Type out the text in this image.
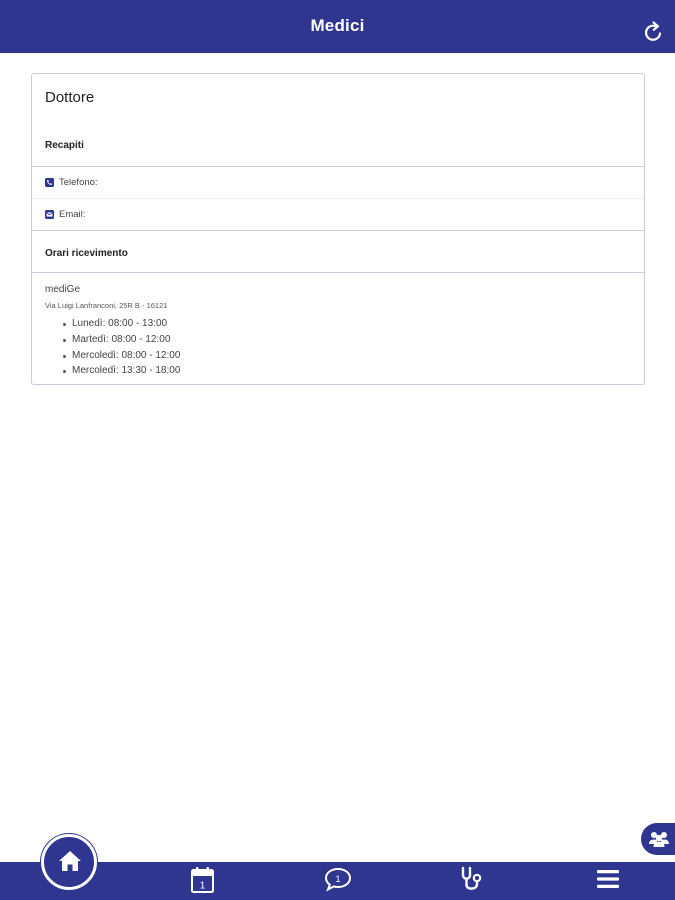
Medici
Dottore
Recapiti
Telefono:
Email:
Orari ricevimento
mediGe
Via Luigi Lanfranconi, 25R B - 16121
Lunedì: 08:00 - 13:00
Martedì: 08:00 - 12:00
Mercoledì: 08:00 - 12:00
Mercoledì: 13:30 - 18:00
1
1
